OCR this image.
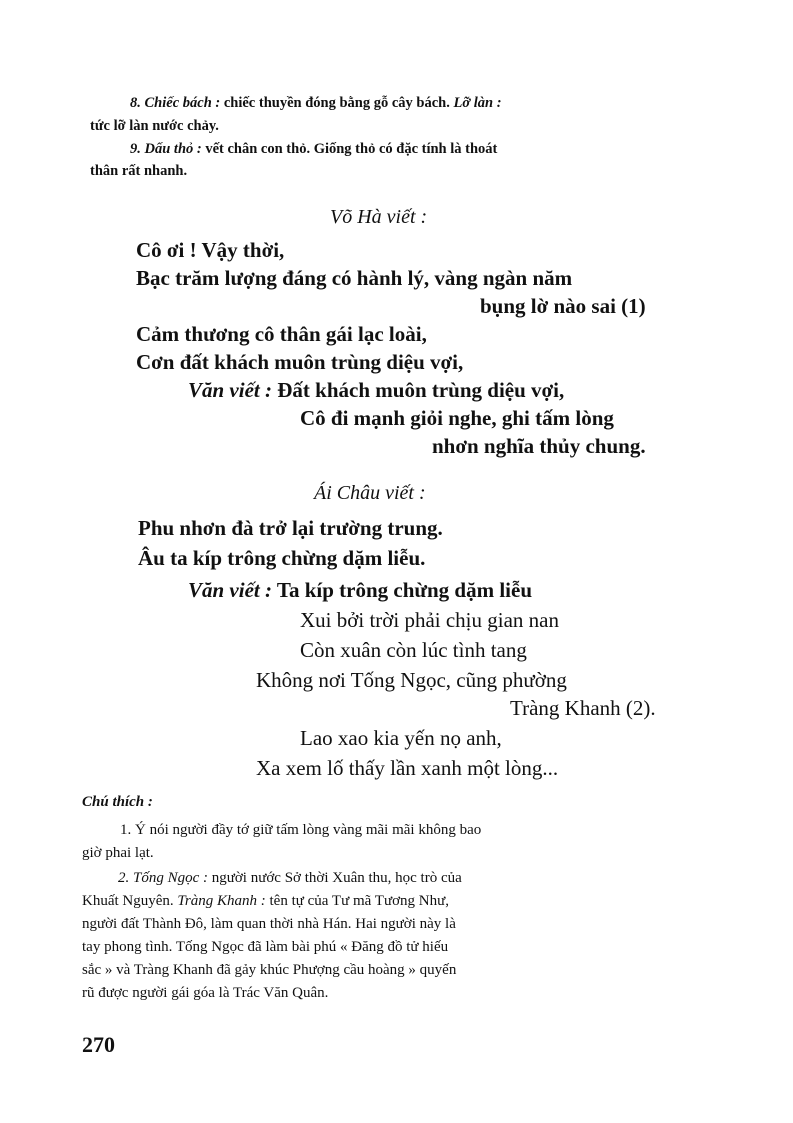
8. Chiếc bách : chiếc thuyền đóng bằng gỗ cây bách. Lỡ làn :
tức lỡ làn nước chảy.
9. Dấu thỏ : vết chân con thỏ. Giống thỏ có đặc tính là thoát
thân rất nhanh.
Võ Hà viết :
Cô ơi ! Vậy thời,
Bạc trăm lượng đáng có hành lý, vàng ngàn năm
bụng lờ nào sai (1)
Cảm thương cô thân gái lạc loài,
Cơn đất khách muôn trùng diệu vợi,
Văn viết : Đất khách muôn trùng diệu vợi,
Cô đi mạnh giỏi nghe, ghi tấm lòng
nhơn nghĩa thủy chung.
Ái Châu viết :
Phu nhơn đà trở lại trường trung.
Âu ta kíp trông chừng dặm liễu.
Văn viết : Ta kíp trông chừng dặm liễu
Xui bởi trời phải chịu gian nan
Còn xuân còn lúc tình tang
Không nơi Tống Ngọc, cũng phường
Tràng Khanh (2).
Lao xao kia yến nọ anh,
Xa xem lố thấy lần xanh một lòng...
Chú thích :
1. Ý nói người đầy tớ giữ tấm lòng vàng mãi mãi không bao
giờ phai lạt.
2. Tống Ngọc : người nước Sở thời Xuân thu, học trò của
Khuất Nguyên. Tràng Khanh : tên tự của Tư mã Tương Như,
người đất Thành Đô, làm quan thời nhà Hán. Hai người này là
tay phong tình. Tống Ngọc đã làm bài phú « Đăng đồ tử hiếu
sắc » và Tràng Khanh đã gảy khúc Phượng cầu hoàng » quyến
rũ được người gái góa là Trác Văn Quân.
270
